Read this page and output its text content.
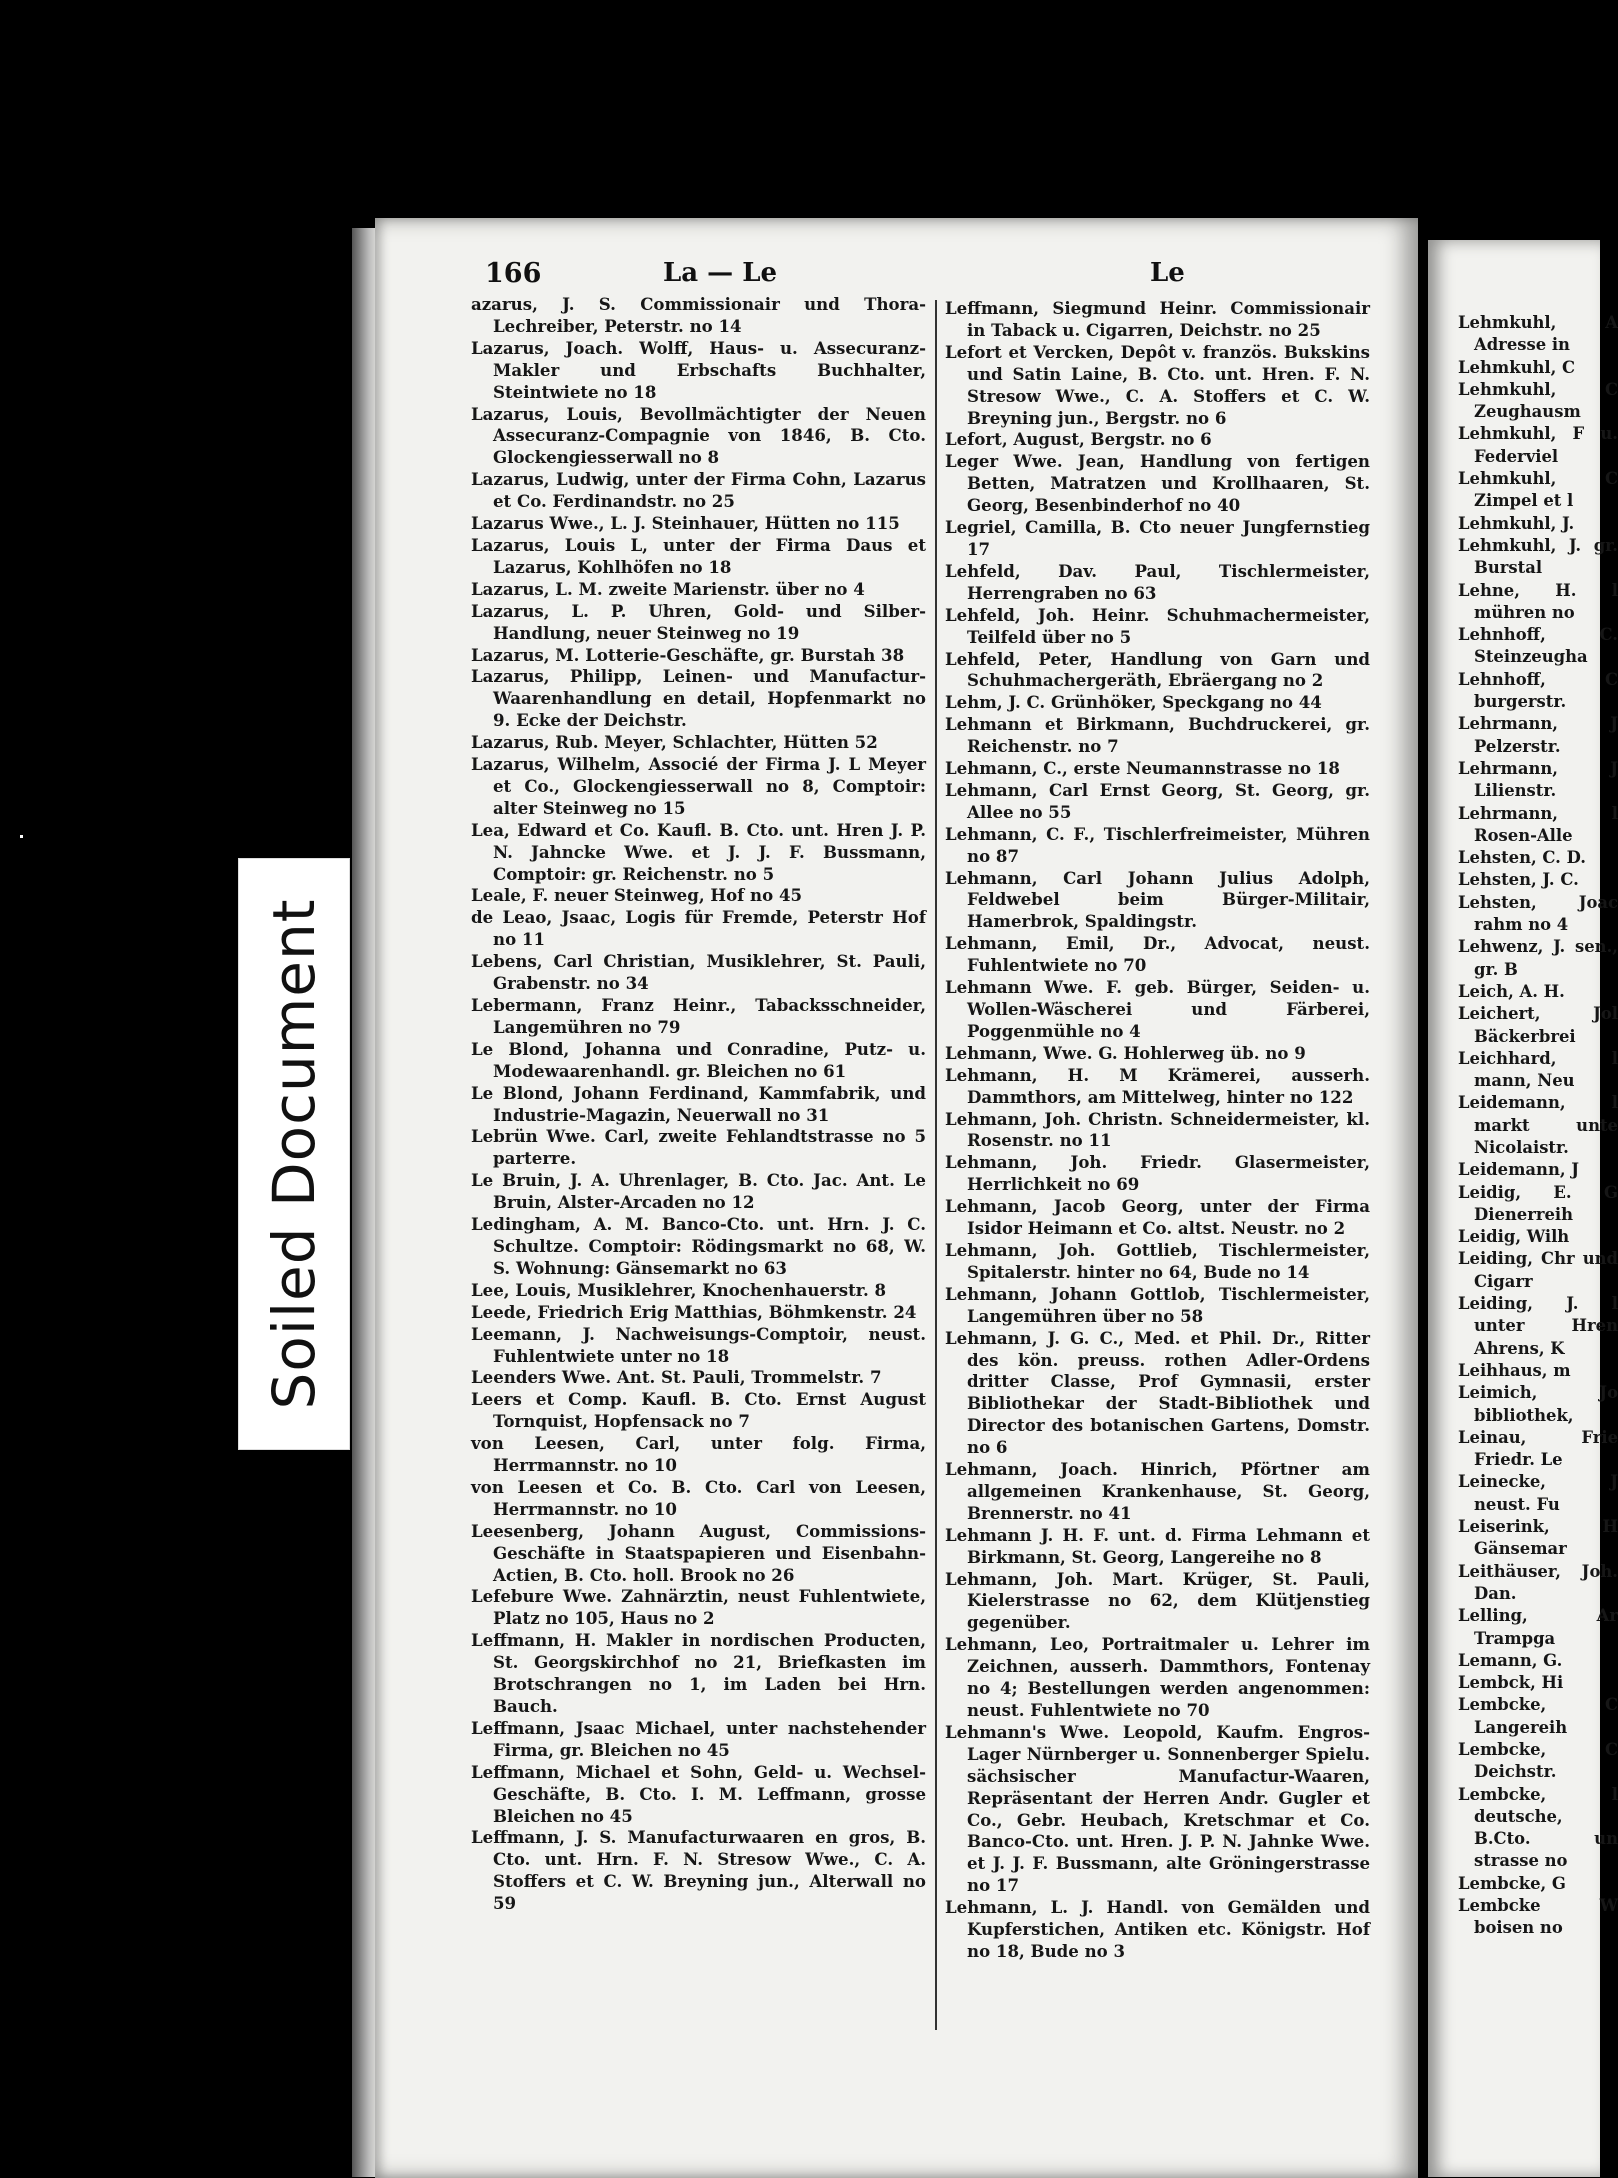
Soiled Document
166	La — Le	Le

azarus, J. S. Commissionair und Thora-Lechreiber, Peterstr. no 14

Lazarus, Joach. Wolff, Haus- u. Assecuranz-Makler und Erbschafts Buchhalter, Steintwiete no 18

Lazarus, Louis, Bevollmächtigter der Neuen Assecuranz-Compagnie von 1846, B. Cto. Glockengiesserwall no 8

Lazarus, Ludwig, unter der Firma Cohn, Lazarus et Co. Ferdinandstr. no 25

Lazarus Wwe., L. J. Steinhauer, Hütten no 115

Lazarus, Louis L, unter der Firma Daus et Lazarus, Kohlhöfen no 18

Lazarus, L. M. zweite Marienstr. über no 4

Lazarus, L. P. Uhren, Gold- und Silber-Handlung, neuer Steinweg no 19

Lazarus, M. Lotterie-Geschäfte, gr. Burstah 38

Lazarus, Philipp, Leinen- und Manufactur-Waarenhandlung en detail, Hopfenmarkt no 9. Ecke der Deichstr.

Lazarus, Rub. Meyer, Schlachter, Hütten 52

Lazarus, Wilhelm, Associé der Firma J. L Meyer et Co., Glockengiesserwall no 8, Comptoir: alter Steinweg no 15

Lea, Edward et Co. Kaufl. B. Cto. unt. Hren J. P. N. Jahncke Wwe. et J. J. F. Bussmann, Comptoir: gr. Reichenstr. no 5

Leale, F. neuer Steinweg, Hof no 45

de Leao, Jsaac, Logis für Fremde, Peterstr Hof no 11

Lebens, Carl Christian, Musiklehrer, St. Pauli, Grabenstr. no 34

Lebermann, Franz Heinr., Tabacksschneider, Langemühren no 79

Le Blond, Johanna und Conradine, Putz- u. Modewaarenhandl. gr. Bleichen no 61

Le Blond, Johann Ferdinand, Kammfabrik, und Industrie-Magazin, Neuerwall no 31

Lebrün Wwe. Carl, zweite Fehlandtstrasse no 5 parterre.

Le Bruin, J. A. Uhrenlager, B. Cto. Jac. Ant. Le Bruin, Alster-Arcaden no 12

Ledingham, A. M. Banco-Cto. unt. Hrn. J. C. Schultze. Comptoir: Rödingsmarkt no 68, W. S. Wohnung: Gänsemarkt no 63

Lee, Louis, Musiklehrer, Knochenhauerstr. 8

Leede, Friedrich Erig Matthias, Böhmkenstr. 24

Leemann, J. Nachweisungs-Comptoir, neust. Fuhlentwiete unter no 18

Leenders Wwe. Ant. St. Pauli, Trommelstr. 7

Leers et Comp. Kaufl. B. Cto. Ernst August Tornquist, Hopfensack no 7

von Leesen, Carl, unter folg. Firma, Herrmannstr. no 10

von Leesen et Co. B. Cto. Carl von Leesen, Herrmannstr. no 10

Leesenberg, Johann August, Commissions-Geschäfte in Staatspapieren und Eisenbahn-Actien, B. Cto. holl. Brook no 26

Lefebure Wwe. Zahnärztin, neust Fuhlentwiete, Platz no 105, Haus no 2

Leffmann, H. Makler in nordischen Producten, St. Georgskirchhof no 21, Briefkasten im Brotschrangen no 1, im Laden bei Hrn. Bauch.

Leffmann, Jsaac Michael, unter nachstehender Firma, gr. Bleichen no 45

Leffmann, Michael et Sohn, Geld- u. Wechsel-Geschäfte, B. Cto. I. M. Leffmann, grosse Bleichen no 45

Leffmann, J. S. Manufacturwaaren en gros, B. Cto. unt. Hrn. F. N. Stresow Wwe., C. A. Stoffers et C. W. Breyning jun., Alterwall no 59

Leffmann, Siegmund Heinr. Commissionair in Taback u. Cigarren, Deichstr. no 25

Lefort et Vercken, Depôt v. französ. Bukskins und Satin Laine, B. Cto. unt. Hren. F. N. Stresow Wwe., C. A. Stoffers et C. W. Breyning jun., Bergstr. no 6

Lefort, August, Bergstr. no 6

Leger Wwe. Jean, Handlung von fertigen Betten, Matratzen und Krollhaaren, St. Georg, Besenbinderhof no 40

Legriel, Camilla, B. Cto neuer Jungfernstieg 17

Lehfeld, Dav. Paul, Tischlermeister, Herrengraben no 63

Lehfeld, Joh. Heinr. Schuhmachermeister, Teilfeld über no 5

Lehfeld, Peter, Handlung von Garn und Schuhmachergeräth, Ebräergang no 2

Lehm, J. C. Grünhöker, Speckgang no 44

Lehmann et Birkmann, Buchdruckerei, gr. Reichenstr. no 7

Lehmann, C., erste Neumannstrasse no 18

Lehmann, Carl Ernst Georg, St. Georg, gr. Allee no 55

Lehmann, C. F., Tischlerfreimeister, Mühren no 87

Lehmann, Carl Johann Julius Adolph, Feldwebel beim Bürger-Militair, Hamerbrok, Spaldingstr.

Lehmann, Emil, Dr., Advocat, neust. Fuhlentwiete no 70

Lehmann Wwe. F. geb. Bürger, Seiden- u. Wollen-Wäscherei und Färberei, Poggenmühle no 4

Lehmann, Wwe. G. Hohlerweg üb. no 9

Lehmann, H. M Krämerei, ausserh. Dammthors, am Mittelweg, hinter no 122

Lehmann, Joh. Christn. Schneidermeister, kl. Rosenstr. no 11

Lehmann, Joh. Friedr. Glasermeister, Herrlichkeit no 69

Lehmann, Jacob Georg, unter der Firma Isidor Heimann et Co. altst. Neustr. no 2

Lehmann, Joh. Gottlieb, Tischlermeister, Spitalerstr. hinter no 64, Bude no 14

Lehmann, Johann Gottlob, Tischlermeister, Langemühren über no 58

Lehmann, J. G. C., Med. et Phil. Dr., Ritter des kön. preuss. rothen Adler-Ordens dritter Classe, Prof Gymnasii, erster Bibliothekar der Stadt-Bibliothek und Director des botanischen Gartens, Domstr. no 6

Lehmann, Joach. Hinrich, Pförtner am allgemeinen Krankenhause, St. Georg, Brennerstr. no 41

Lehmann J. H. F. unt. d. Firma Lehmann et Birkmann, St. Georg, Langereihe no 8

Lehmann, Joh. Mart. Krüger, St. Pauli, Kielerstrasse no 62, dem Klütjenstieg gegenüber.

Lehmann, Leo, Portraitmaler u. Lehrer im Zeichnen, ausserh. Dammthors, Fontenay no 4; Bestellungen werden angenommen: neust. Fuhlentwiete no 70

Lehmann's Wwe. Leopold, Kaufm. Engros-Lager Nürnberger u. Sonnenberger Spielu. sächsischer Manufactur-Waaren, Repräsentant der Herren Andr. Gugler et Co., Gebr. Heubach, Kretschmar et Co. Banco-Cto. unt. Hren. J. P. N. Jahnke Wwe. et J. J. F. Bussmann, alte Gröningerstrasse no 17

Lehmann, L. J. Handl. von Gemälden und Kupferstichen, Antiken etc. Königstr. Hof no 18, Bude no 3

Lehmkuhl, A Adresse in

Lehmkuhl, C

Lehmkuhl, C Zeughausm

Lehmkuhl, F u. Federviel

Lehmkuhl, C Zimpel et l

Lehmkuhl, J.

Lehmkuhl, J. gr. Burstal

Lehne, H. l mühren no

Lehnhoff, C. Steinzeugha

Lehnhoff, C burgerstr.

Lehrmann, J Pelzerstr.

Lehrmann, J Lilienstr.

Lehrmann, l Rosen-Alle

Lehsten, C. D.

Lehsten, J. C.

Lehsten, Joac rahm no 4

Lehwenz, J. sen., gr. B

Leich, A. H.

Leichert, Jol Bäckerbrei

Leichhard, l mann, Neu

Leidemann, l markt unte Nicolaistr.

Leidemann, J

Leidig, E. G Dienerreih

Leidig, Wilh

Leiding, Chr und Cigarr

Leiding, J. l unter Hren Ahrens, K

Leihhaus, m

Leimich, Jo bibliothek,

Leinau, Frie Friedr. Le

Leinecke, J neust. Fu

Leiserink, H Gänsemar

Leithäuser, Joh. Dan.

Lelling, Ar Trampga

Lemann, G.

Lembck, Hi

Lembcke, C Langereih

Lembcke, C Deichstr.

Lembcke, l deutsche, B.Cto. un strasse no

Lembcke, G

Lembcke W boisen no
